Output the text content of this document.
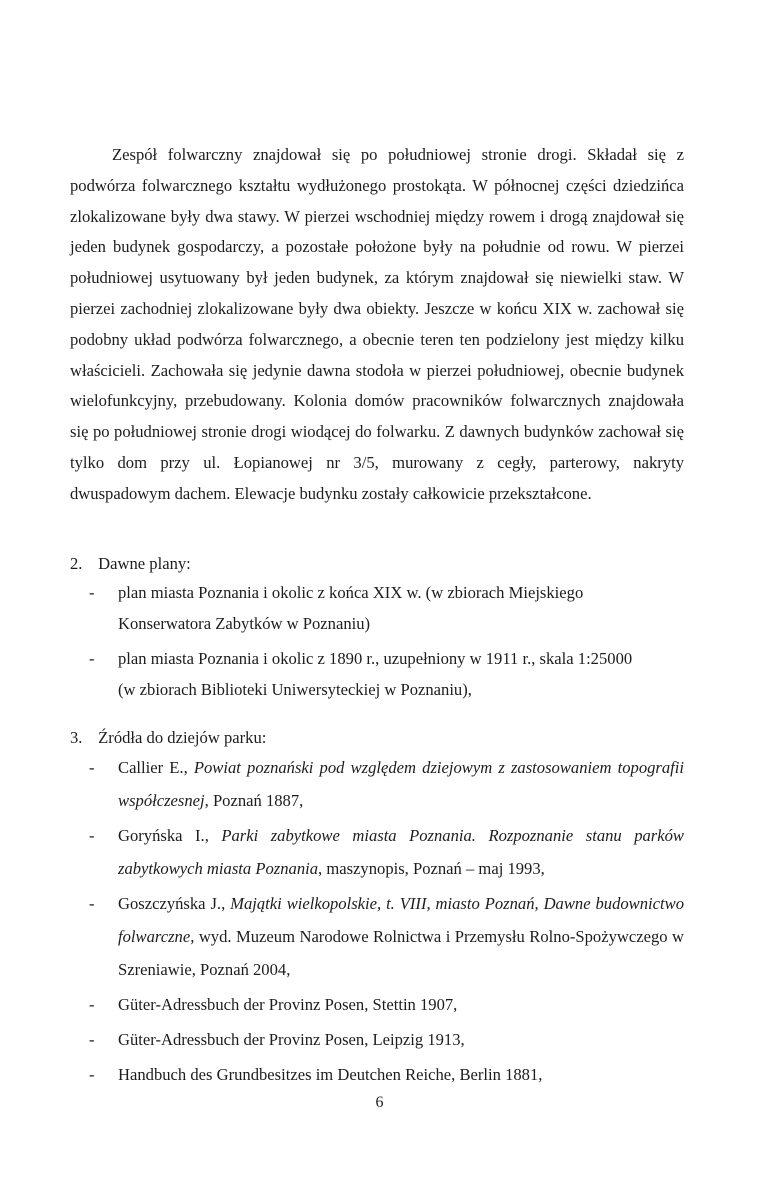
Zespół folwarczny znajdował się po południowej stronie drogi. Składał się z podwórza folwarcznego kształtu wydłużonego prostokąta. W północnej części dziedzińca zlokalizowane były dwa stawy. W pierzei wschodniej między rowem i drogą znajdował się jeden budynek gospodarczy, a pozostałe położone były na południe od rowu. W pierzei południowej usytuowany był jeden budynek, za którym znajdował się niewielki staw. W pierzei zachodniej zlokalizowane były dwa obiekty. Jeszcze w końcu XIX w. zachował się podobny układ podwórza folwarcznego, a obecnie teren ten podzielony jest między kilku właścicieli. Zachowała się jedynie dawna stodoła w pierzei południowej, obecnie budynek wielofunkcyjny, przebudowany. Kolonia domów pracowników folwarcznych znajdowała się po południowej stronie drogi wiodącej do folwarku. Z dawnych budynków zachował się tylko dom przy ul. Łopianowej nr 3/5, murowany z cegły, parterowy, nakryty dwuspadowym dachem. Elewacje budynku zostały całkowicie przekształcone.

2. Dawne plany:
- plan miasta Poznania i okolic z końca XIX w. (w zbiorach Miejskiego
Konserwatora Zabytków w Poznaniu)
- plan miasta Poznania i okolic z 1890 r., uzupełniony w 1911 r., skala 1:25000
(w zbiorach Biblioteki Uniwersyteckiej w Poznaniu),
3. Źródła do dziejów parku:
- Callier E., Powiat poznański pod względem dziejowym z zastosowaniem topografii współczesnej, Poznań 1887,
- Goryńska I., Parki zabytkowe miasta Poznania. Rozpoznanie stanu parków zabytkowych miasta Poznania, maszynopis, Poznań – maj 1993,
- Goszczyńska J., Majątki wielkopolskie, t. VIII, miasto Poznań, Dawne budownictwo folwarczne, wyd. Muzeum Narodowe Rolnictwa i Przemysłu Rolno-Spożywczego w Szreniawie, Poznań 2004,
- Güter-Adressbuch der Provinz Posen, Stettin 1907,
- Güter-Adressbuch der Provinz Posen, Leipzig 1913,
- Handbuch des Grundbesitzes im Deutchen Reiche, Berlin 1881,
6
